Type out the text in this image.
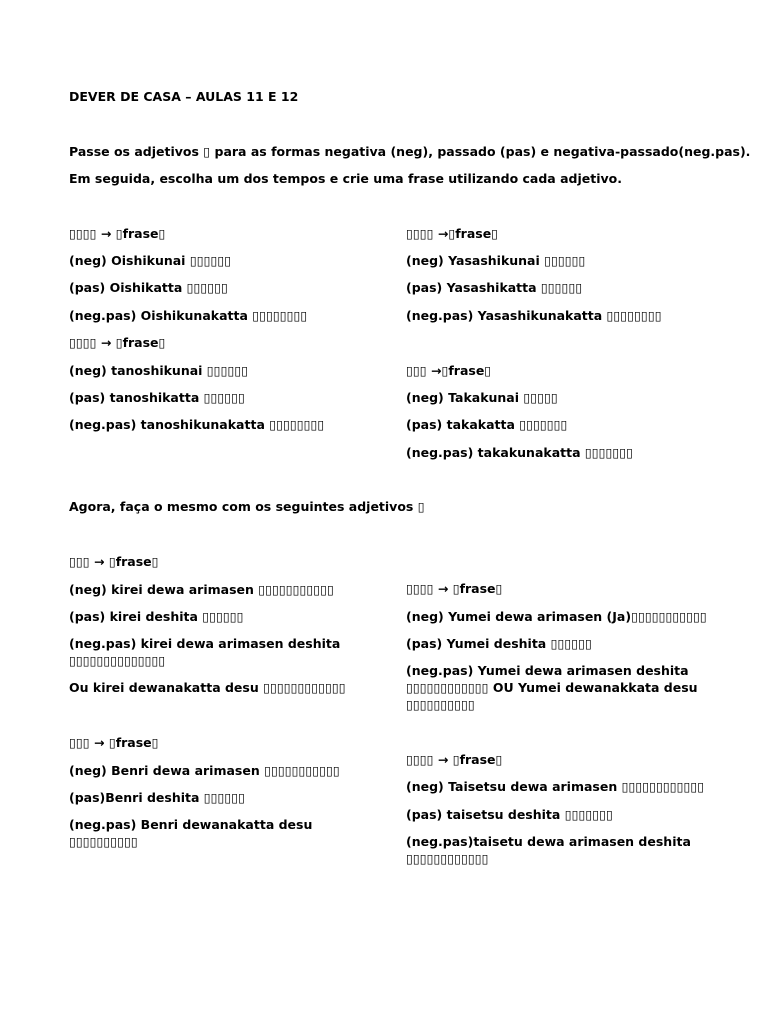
DEVER DE CASA – AULAS 11 E 12
Passe os adjetivos ▯ para as formas negativa (neg), passado (pas) e negativa-passado(neg.pas).
Em seguida, escolha um dos tempos e crie uma frase utilizando cada adjetivo.
▯▯▯▯ → ▯frase▯
(neg) Oishikunai ▯▯▯▯▯▯
(pas) Oishikatta ▯▯▯▯▯▯
(neg.pas) Oishikunakatta ▯▯▯▯▯▯▯▯
▯▯▯▯ → ▯frase▯
(neg) tanoshikunai ▯▯▯▯▯▯
(pas) tanoshikatta ▯▯▯▯▯▯
(neg.pas) tanoshikunakatta ▯▯▯▯▯▯▯▯
▯▯▯▯ →▯frase▯
(neg) Yasashikunai ▯▯▯▯▯▯
(pas) Yasashikatta ▯▯▯▯▯▯
(neg.pas) Yasashikunakatta ▯▯▯▯▯▯▯▯
▯▯▯ →▯frase▯
(neg) Takakunai ▯▯▯▯▯
(pas) takakatta ▯▯▯▯▯▯▯
(neg.pas) takakunakatta ▯▯▯▯▯▯▯
Agora, faça o mesmo com os seguintes adjetivos ▯
▯▯▯ → ▯frase▯
(neg) kirei dewa arimasen ▯▯▯▯▯▯▯▯▯▯▯
(pas) kirei deshita ▯▯▯▯▯▯
(neg.pas) kirei dewa arimasen deshita ▯▯▯▯▯▯▯▯▯▯▯▯▯▯
Ou kirei dewanakatta desu ▯▯▯▯▯▯▯▯▯▯▯▯
▯▯▯ → ▯frase▯
(neg) Benri dewa arimasen ▯▯▯▯▯▯▯▯▯▯▯
(pas)Benri deshita ▯▯▯▯▯▯
(neg.pas) Benri dewanakatta desu ▯▯▯▯▯▯▯▯▯▯
▯▯▯▯ → ▯frase▯
(neg) Yumei dewa arimasen (Ja)▯▯▯▯▯▯▯▯▯▯▯
(pas) Yumei deshita ▯▯▯▯▯▯
(neg.pas) Yumei dewa arimasen deshita ▯▯▯▯▯▯▯▯▯▯▯▯ OU Yumei dewanakkata desu ▯▯▯▯▯▯▯▯▯▯
▯▯▯▯ → ▯frase▯
(neg) Taisetsu dewa arimasen ▯▯▯▯▯▯▯▯▯▯▯▯
(pas) taisetsu deshita ▯▯▯▯▯▯▯
(neg.pas)taisetu dewa arimasen deshita ▯▯▯▯▯▯▯▯▯▯▯▯
